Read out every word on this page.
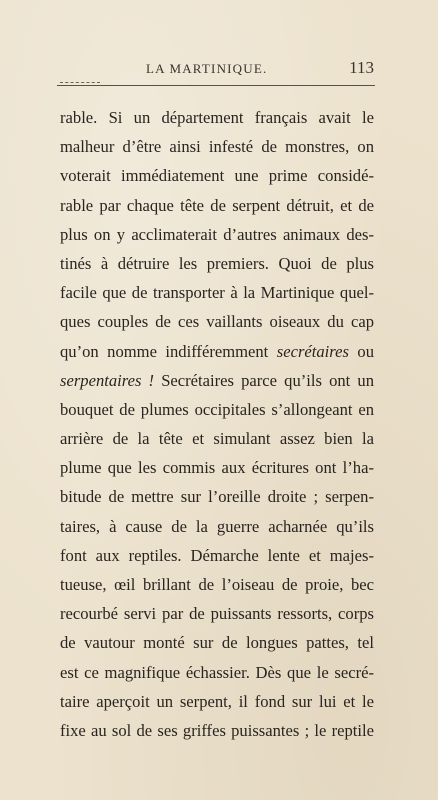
LA MARTINIQUE.	113
rable. Si un département français avait le
malheur d’être ainsi infesté de monstres, on
voterait immédiatement une prime considé-
rable par chaque tête de serpent détruit, et de
plus on y acclimaterait d’autres animaux des-
tinés à détruire les premiers. Quoi de plus
facile que de transporter à la Martinique quel-
ques couples de ces vaillants oiseaux du cap
qu’on nomme indifféremment secrétaires ou
serpentaires ! Secrétaires parce qu’ils ont un
bouquet de plumes occipitales s’allongeant en
arrière de la tête et simulant assez bien la
plume que les commis aux écritures ont l’ha-
bitude de mettre sur l’oreille droite ; serpen-
taires, à cause de la guerre acharnée qu’ils
font aux reptiles. Démarche lente et majes-
tueuse, œil brillant de l’oiseau de proie, bec
recourbé servi par de puissants ressorts, corps
de vautour monté sur de longues pattes, tel
est ce magnifique échassier. Dès que le secré-
taire aperçoit un serpent, il fond sur lui et le
fixe au sol de ses griffes puissantes ; le reptile
